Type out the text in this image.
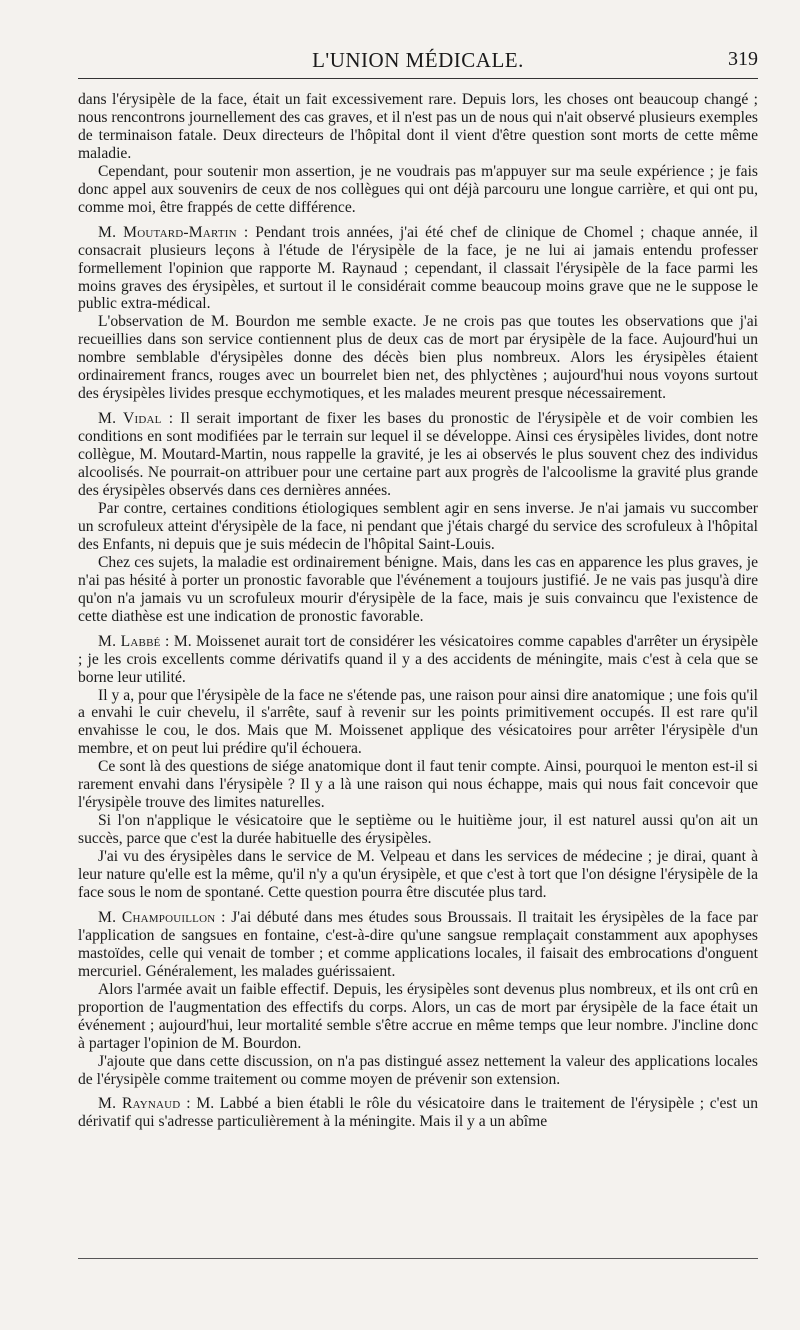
L'UNION MÉDICALE.	319

dans l'érysipèle de la face, était un fait excessivement rare. Depuis lors, les choses ont beaucoup changé ; nous rencontrons journellement des cas graves, et il n'est pas un de nous qui n'ait observé plusieurs exemples de terminaison fatale. Deux directeurs de l'hôpital dont il vient d'être question sont morts de cette même maladie.

Cependant, pour soutenir mon assertion, je ne voudrais pas m'appuyer sur ma seule expérience ; je fais donc appel aux souvenirs de ceux de nos collègues qui ont déjà parcouru une longue carrière, et qui ont pu, comme moi, être frappés de cette différence.

M. Moutard-Martin : Pendant trois années, j'ai été chef de clinique de Chomel ; chaque année, il consacrait plusieurs leçons à l'étude de l'érysipèle de la face, je ne lui ai jamais entendu professer formellement l'opinion que rapporte M. Raynaud ; cependant, il classait l'érysipèle de la face parmi les moins graves des érysipèles, et surtout il le considérait comme beaucoup moins grave que ne le suppose le public extra-médical.

L'observation de M. Bourdon me semble exacte. Je ne crois pas que toutes les observations que j'ai recueillies dans son service contiennent plus de deux cas de mort par érysipèle de la face. Aujourd'hui un nombre semblable d'érysipèles donne des décès bien plus nombreux. Alors les érysipèles étaient ordinairement francs, rouges avec un bourrelet bien net, des phlyctènes ; aujourd'hui nous voyons surtout des érysipèles livides presque ecchymotiques, et les malades meurent presque nécessairement.

M. Vidal : Il serait important de fixer les bases du pronostic de l'érysipèle et de voir combien les conditions en sont modifiées par le terrain sur lequel il se développe. Ainsi ces érysipèles livides, dont notre collègue, M. Moutard-Martin, nous rappelle la gravité, je les ai observés le plus souvent chez des individus alcoolisés. Ne pourrait-on attribuer pour une certaine part aux progrès de l'alcoolisme la gravité plus grande des érysipèles observés dans ces dernières années.

Par contre, certaines conditions étiologiques semblent agir en sens inverse. Je n'ai jamais vu succomber un scrofuleux atteint d'érysipèle de la face, ni pendant que j'étais chargé du service des scrofuleux à l'hôpital des Enfants, ni depuis que je suis médecin de l'hôpital Saint-Louis.

Chez ces sujets, la maladie est ordinairement bénigne. Mais, dans les cas en apparence les plus graves, je n'ai pas hésité à porter un pronostic favorable que l'événement a toujours justifié. Je ne vais pas jusqu'à dire qu'on n'a jamais vu un scrofuleux mourir d'érysipèle de la face, mais je suis convaincu que l'existence de cette diathèse est une indication de pronostic favorable.

M. Labbé : M. Moissenet aurait tort de considérer les vésicatoires comme capables d'arrêter un érysipèle ; je les crois excellents comme dérivatifs quand il y a des accidents de méningite, mais c'est à cela que se borne leur utilité.

Il y a, pour que l'érysipèle de la face ne s'étende pas, une raison pour ainsi dire anatomique ; une fois qu'il a envahi le cuir chevelu, il s'arrête, sauf à revenir sur les points primitivement occupés. Il est rare qu'il envahisse le cou, le dos. Mais que M. Moissenet applique des vésicatoires pour arrêter l'érysipèle d'un membre, et on peut lui prédire qu'il échouera.

Ce sont là des questions de siége anatomique dont il faut tenir compte. Ainsi, pourquoi le menton est-il si rarement envahi dans l'érysipèle ? Il y a là une raison qui nous échappe, mais qui nous fait concevoir que l'érysipèle trouve des limites naturelles.

Si l'on n'applique le vésicatoire que le septième ou le huitième jour, il est naturel aussi qu'on ait un succès, parce que c'est la durée habituelle des érysipèles.

J'ai vu des érysipèles dans le service de M. Velpeau et dans les services de médecine ; je dirai, quant à leur nature qu'elle est la même, qu'il n'y a qu'un érysipèle, et que c'est à tort que l'on désigne l'érysipèle de la face sous le nom de spontané. Cette question pourra être discutée plus tard.

M. Champouillon : J'ai débuté dans mes études sous Broussais. Il traitait les érysipèles de la face par l'application de sangsues en fontaine, c'est-à-dire qu'une sangsue remplaçait constamment aux apophyses mastoïdes, celle qui venait de tomber ; et comme applications locales, il faisait des embrocations d'onguent mercuriel. Généralement, les malades guérissaient.

Alors l'armée avait un faible effectif. Depuis, les érysipèles sont devenus plus nombreux, et ils ont crû en proportion de l'augmentation des effectifs du corps. Alors, un cas de mort par érysipèle de la face était un événement ; aujourd'hui, leur mortalité semble s'être accrue en même temps que leur nombre. J'incline donc à partager l'opinion de M. Bourdon.

J'ajoute que dans cette discussion, on n'a pas distingué assez nettement la valeur des applications locales de l'érysipèle comme traitement ou comme moyen de prévenir son extension.

M. Raynaud : M. Labbé a bien établi le rôle du vésicatoire dans le traitement de l'érysipèle ; c'est un dérivatif qui s'adresse particulièrement à la méningite. Mais il y a un abîme
